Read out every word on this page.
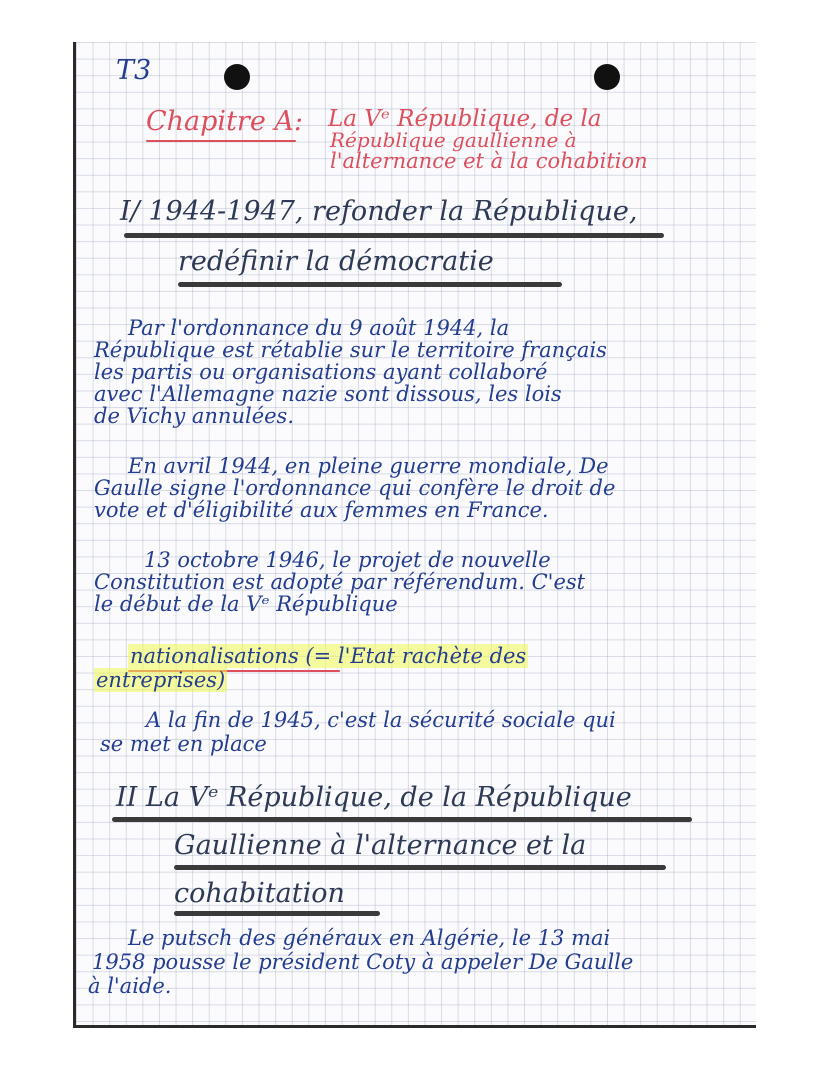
T3
Chapitre A: La Vᵉ République, de la
République gaullienne à
l'alternance et à la cohabition
I/ 1944-1947, refonder la République,
redéfinir la démocratie
Par l'ordonnance du 9 août 1944, la
République est rétablie sur le territoire français
les partis ou organisations ayant collaboré
avec l'Allemagne nazie sont dissous, les lois
de Vichy annulées.
En avril 1944, en pleine guerre mondiale, De
Gaulle signe l'ordonnance qui confère le droit de
vote et d'éligibilité aux femmes en France.
13 octobre 1946, le projet de nouvelle
Constitution est adopté par référendum. C'est
le début de la Vᵉ République
nationalisations (= l'Etat rachète des
entreprises)
A la fin de 1945, c'est la sécurité sociale qui
se met en place
II La Vᵉ République, de la République
Gaullienne à l'alternance et la
cohabitation
Le putsch des généraux en Algérie, le 13 mai
1958 pousse le président Coty à appeler De Gaulle
à l'aide.
